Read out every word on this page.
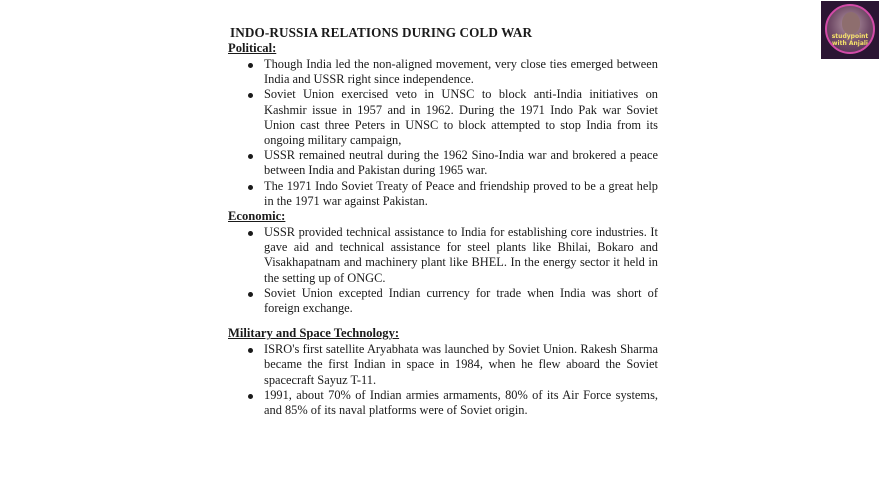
INDO-RUSSIA RELATIONS DURING COLD WAR
Political:
Though India led the non-aligned movement, very close ties emerged between India and USSR right since independence.
Soviet Union exercised veto in UNSC to block anti-India initiatives on Kashmir issue in 1957 and in 1962. During the 1971 Indo Pak war Soviet Union cast three Peters in UNSC to block attempted to stop India from its ongoing military campaign,
USSR remained neutral during the 1962 Sino-India war and brokered a peace between India and Pakistan during 1965 war.
The 1971 Indo Soviet Treaty of Peace and friendship proved to be a great help in the 1971 war against Pakistan.
Economic:
USSR provided technical assistance to India for establishing core industries. It gave aid and technical assistance for steel plants like Bhilai, Bokaro and Visakhapatnam and machinery plant like BHEL. In the energy sector it held in the setting up of ONGC.
Soviet Union excepted Indian currency for trade when India was short of foreign exchange.
Military and Space Technology:
ISRO's first satellite Aryabhata was launched by Soviet Union. Rakesh Sharma became the first Indian in space in 1984, when he flew aboard the Soviet spacecraft Sayuz T-11.
1991, about 70% of Indian armies armaments, 80% of its Air Force systems, and 85% of its naval platforms were of Soviet origin.
studypoint with Anjali
